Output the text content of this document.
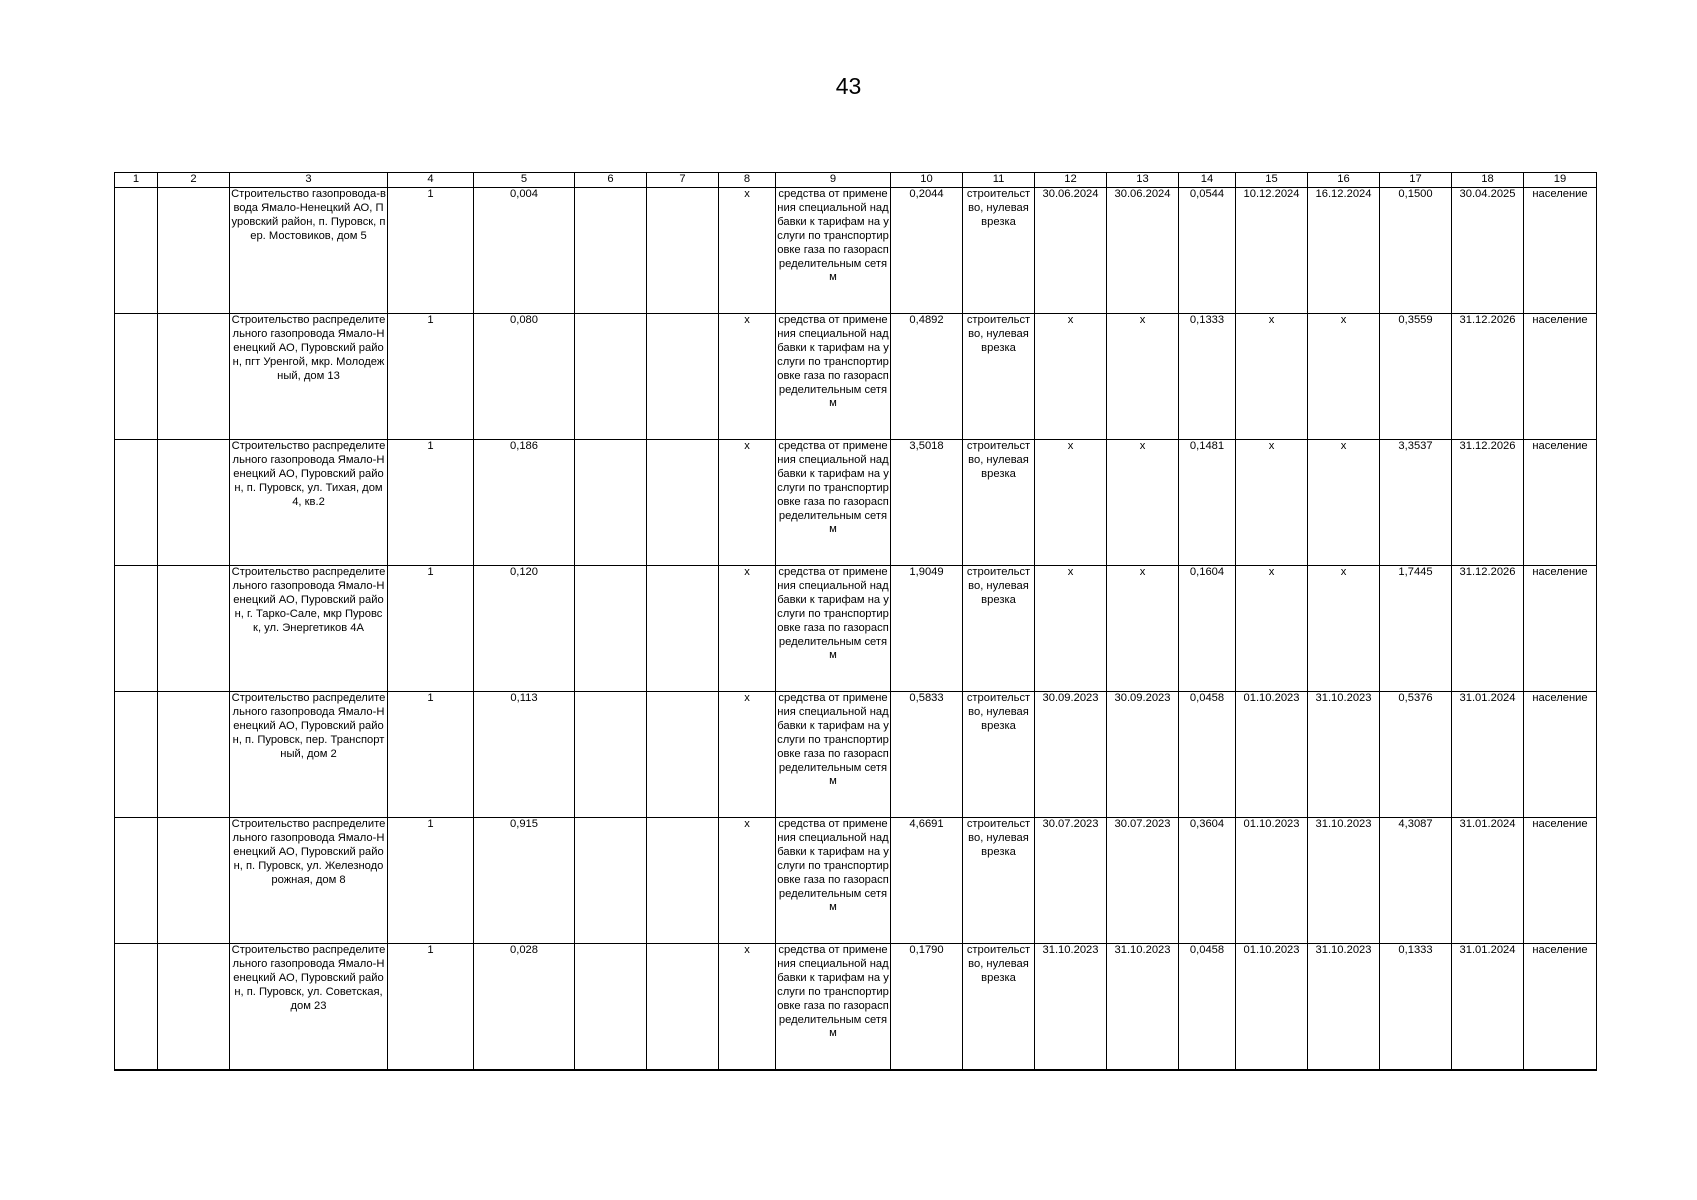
43
1	2	3	4	5	6	7	8	9	10	11	12	13	14	15	16	17	18	19
		Строительство газопровода-ввода Ямало-Ненецкий АО, Пуровский район, п. Пуровск, пер. Мостовиков, дом 5	1	0,004			x	средства от применения специальной надбавки к тарифам на услуги по транспортировке газа по газораспределительным сетям	0,2044	строительство, нулевая врезка	30.06.2024	30.06.2024	0,0544	10.12.2024	16.12.2024	0,1500	30.04.2025	население
		Строительство распределительного газопровода Ямало-Ненецкий АО, Пуровский район, пгт Уренгой, мкр. Молодежный, дом 13	1	0,080			x	средства от применения специальной надбавки к тарифам на услуги по транспортировке газа по газораспределительным сетям	0,4892	строительство, нулевая врезка	x	x	0,1333	x	x	0,3559	31.12.2026	население
		Строительство распределительного газопровода Ямало-Ненецкий АО, Пуровский район, п. Пуровск, ул. Тихая, дом 4, кв.2	1	0,186			x	средства от применения специальной надбавки к тарифам на услуги по транспортировке газа по газораспределительным сетям	3,5018	строительство, нулевая врезка	x	x	0,1481	x	x	3,3537	31.12.2026	население
		Строительство распределительного газопровода Ямало-Ненецкий АО, Пуровский район, г. Тарко-Сале, мкр Пуровск, ул. Энергетиков 4А	1	0,120			x	средства от применения специальной надбавки к тарифам на услуги по транспортировке газа по газораспределительным сетям	1,9049	строительство, нулевая врезка	x	x	0,1604	x	x	1,7445	31.12.2026	население
		Строительство распределительного газопровода Ямало-Ненецкий АО, Пуровский район, п. Пуровск, пер. Транспортный, дом 2	1	0,113			x	средства от применения специальной надбавки к тарифам на услуги по транспортировке газа по газораспределительным сетям	0,5833	строительство, нулевая врезка	30.09.2023	30.09.2023	0,0458	01.10.2023	31.10.2023	0,5376	31.01.2024	население
		Строительство распределительного газопровода Ямало-Ненецкий АО, Пуровский район, п. Пуровск, ул. Железнодорожная, дом 8	1	0,915			x	средства от применения специальной надбавки к тарифам на услуги по транспортировке газа по газораспределительным сетям	4,6691	строительство, нулевая врезка	30.07.2023	30.07.2023	0,3604	01.10.2023	31.10.2023	4,3087	31.01.2024	население
		Строительство распределительного газопровода Ямало-Ненецкий АО, Пуровский район, п. Пуровск, ул. Советская, дом 23	1	0,028			x	средства от применения специальной надбавки к тарифам на услуги по транспортировке газа по газораспределительным сетям	0,1790	строительство, нулевая врезка	31.10.2023	31.10.2023	0,0458	01.10.2023	31.10.2023	0,1333	31.01.2024	население
